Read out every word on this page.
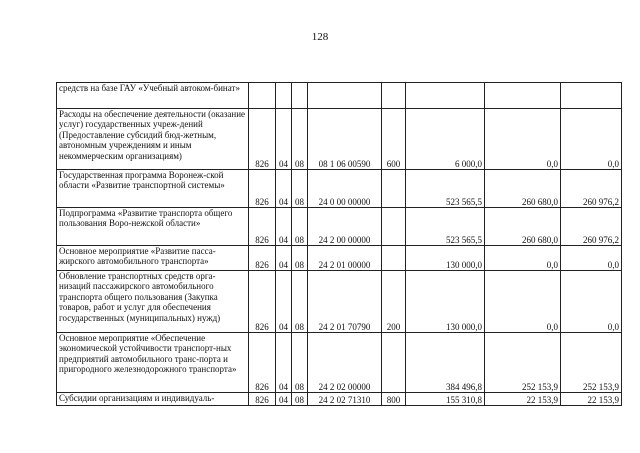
128
средств на базе ГАУ «Учебный автоком-бинат»								
Расходы на обеспечение деятельности (оказание услуг) государственных учреж-дений (Предоставление субсидий бюд-жетным, автономным учреждениям и иным некоммерческим организациям)	826	04	08	08 1 06 00590	600	6 000,0	0,0	0,0
Государственная программа Воронеж-ской области «Развитие транспортной системы»	826	04	08	24 0 00 00000		523 565,5	260 680,0	260 976,2
Подпрограмма «Развитие транспорта общего пользования Воро-нежской области»	826	04	08	24 2 00 00000		523 565,5	260 680,0	260 976,2
Основное мероприятие «Развитие пасса-жирского автомобильного транспорта»	826	04	08	24 2 01 00000		130 000,0	0,0	0,0
Обновление транспортных средств орга-низаций пассажирского автомобильного транспорта общего пользования (Закупка товаров, работ и услуг для обеспечения государственных (муниципальных) нужд)	826	04	08	24 2 01 70790	200	130 000,0	0,0	0,0
Основное мероприятие «Обеспечение экономической устойчивости транспорт-ных предприятий автомобильного транс-порта и пригородного железнодорожного транспорта»	826	04	08	24 2 02 00000		384 496,8	252 153,9	252 153,9
Субсидии организациям и индивидуаль-	826	04	08	24 2 02 71310	800	155 310,8	22 153,9	22 153,9
